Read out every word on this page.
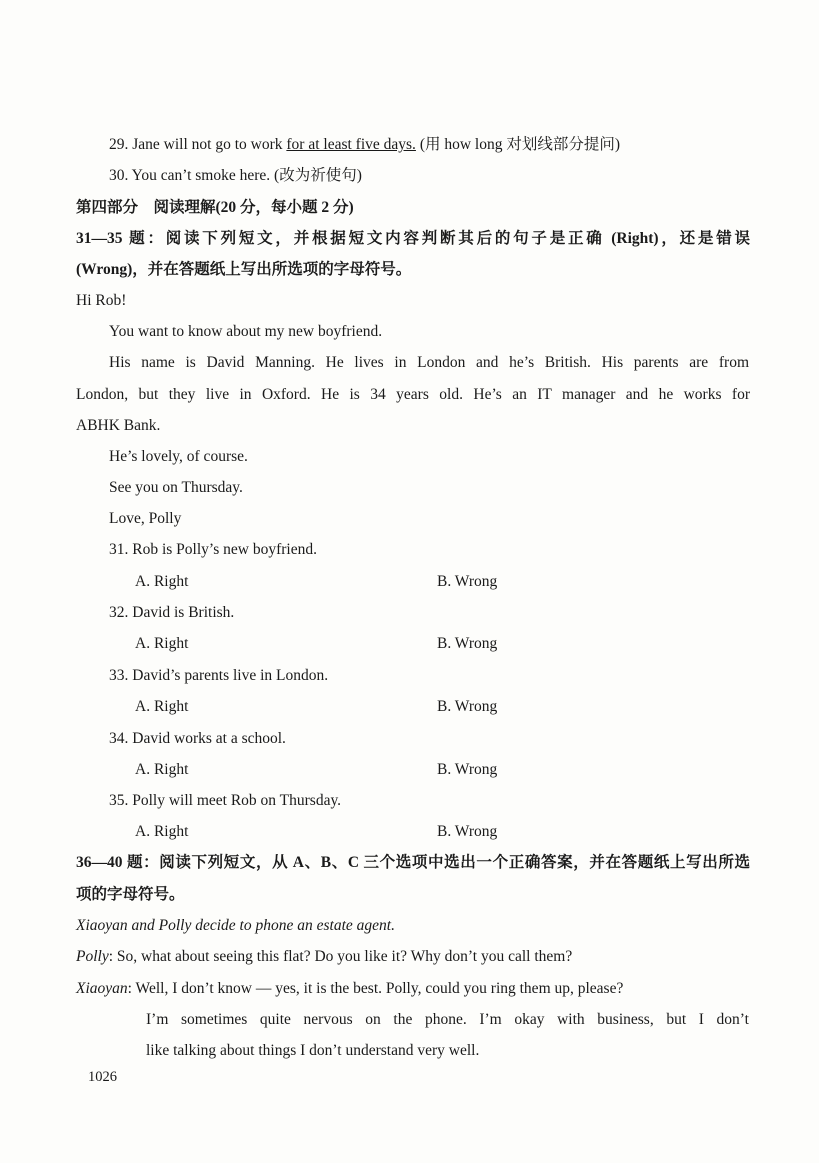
29. Jane will not go to work for at least five days. (用 how long 对划线部分提问)
30. You can’t smoke here. (改为祈使句)
第四部分　阅读理解(20 分，每小题 2 分)
31—35 题：阅读下列短文，并根据短文内容判断其后的句子是正确 (Right)，还是错误
(Wrong)，并在答题纸上写出所选项的字母符号。
Hi Rob!
You want to know about my new boyfriend.
His name is David Manning. He lives in London and he’s British. His parents are from
London, but they live in Oxford. He is 34 years old. He’s an IT manager and he works for
ABHK Bank.
He’s lovely, of course.
See you on Thursday.
Love, Polly
31. Rob is Polly’s new boyfriend.
A. Right	B. Wrong
32. David is British.
A. Right	B. Wrong
33. David’s parents live in London.
A. Right	B. Wrong
34. David works at a school.
A. Right	B. Wrong
35. Polly will meet Rob on Thursday.
A. Right	B. Wrong
36—40 题：阅读下列短文，从 A、B、C 三个选项中选出一个正确答案，并在答题纸上写出所选
项的字母符号。
Xiaoyan and Polly decide to phone an estate agent.
Polly: So, what about seeing this flat? Do you like it? Why don’t you call them?
Xiaoyan: Well, I don’t know — yes, it is the best. Polly, could you ring them up, please?
I’m sometimes quite nervous on the phone. I’m okay with business, but I don’t
like talking about things I don’t understand very well.
1026
